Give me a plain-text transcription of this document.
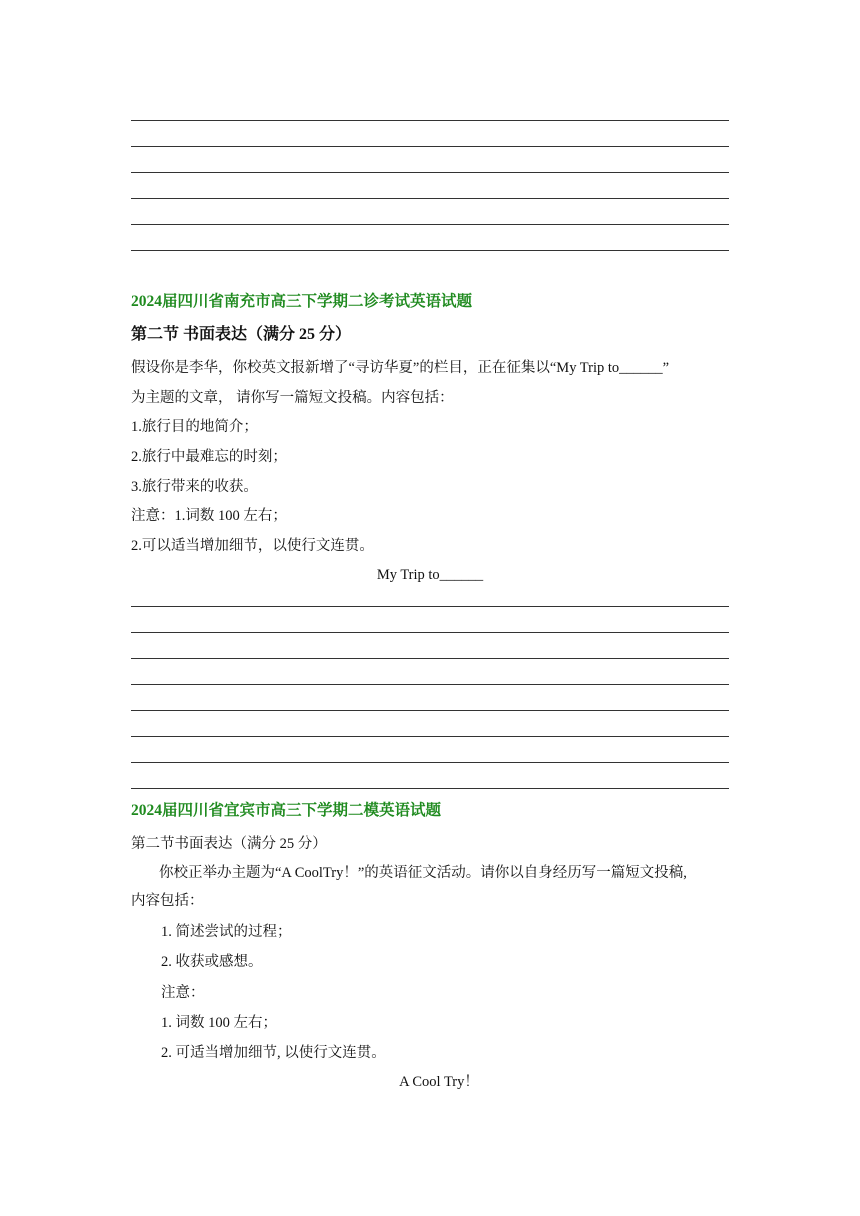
2024届四川省南充市高三下学期二诊考试英语试题
第二节 书面表达（满分 25 分）
假设你是李华，你校英文报新增了“寻访华夏”的栏目，正在征集以“My Trip to______”
为主题的文章， 请你写一篇短文投稿。内容包括：
1.旅行目的地简介；
2.旅行中最难忘的时刻；
3.旅行带来的收获。
注意：1.词数 100 左右；
2.可以适当增加细节，以使行文连贯。
My Trip to______
2024届四川省宜宾市高三下学期二模英语试题
第二节书面表达（满分 25 分）
你校正举办主题为“A CoolTry！”的英语征文活动。请你以自身经历写一篇短文投稿,
内容包括：
1. 简述尝试的过程；
2. 收获或感想。
注意：
1. 词数 100 左右；
2. 可适当增加细节, 以使行文连贯。
A Cool Try！
